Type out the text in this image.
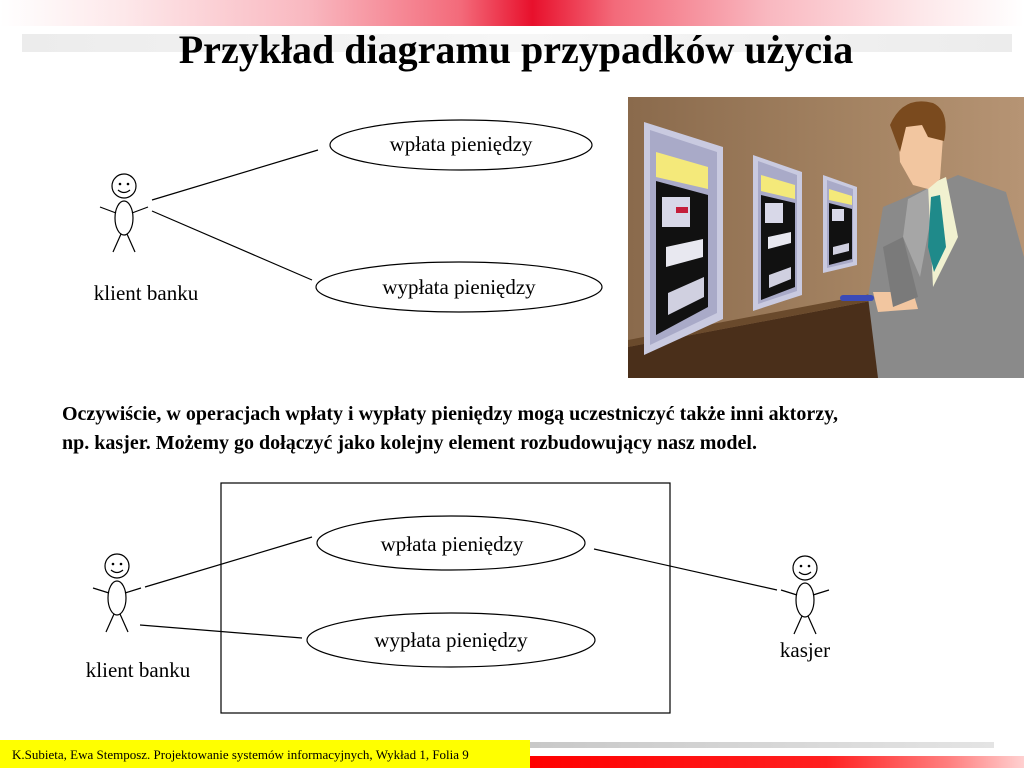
Przykład diagramu przypadków użycia
wpłata pieniędzy
wypłata pieniędzy
klient banku
Oczywiście, w operacjach wpłaty i wypłaty pieniędzy mogą uczestniczyć także inni aktorzy,
np. kasjer. Możemy go dołączyć jako kolejny element rozbudowujący nasz model.
wpłata pieniędzy
wypłata pieniędzy
klient banku
kasjer
K.Subieta, Ewa Stemposz. Projektowanie systemów informacyjnych, Wykład 1, Folia 9
